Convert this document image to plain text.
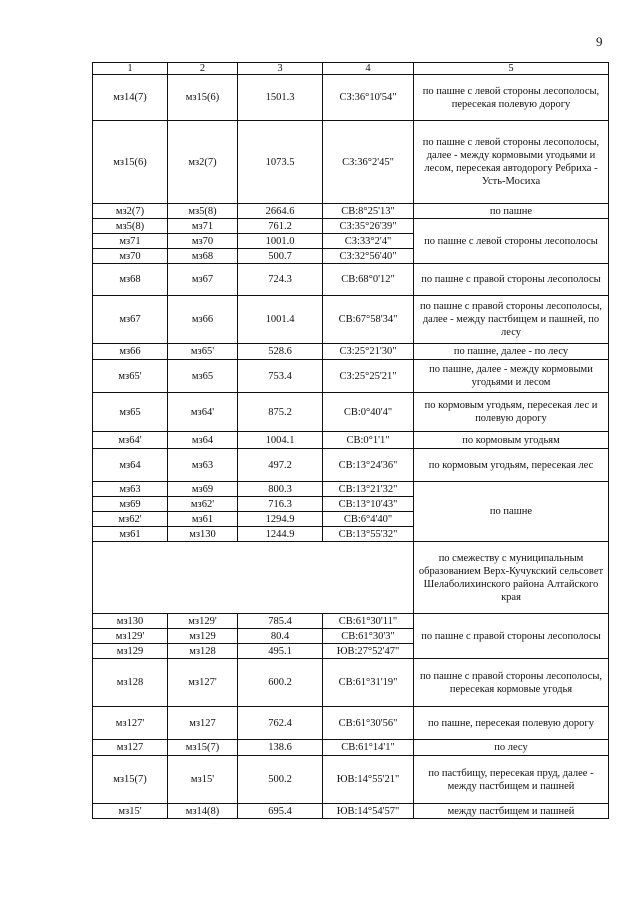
9
1	2	3	4	5
мз14(7)	мз15(6)	1501.3	СЗ:36°10'54"	по пашне с левой стороны лесополосы, пересекая полевую дорогу
мз15(6)	мз2(7)	1073.5	СЗ:36°2'45"	по пашне с левой стороны лесополосы, далее - между кормовыми угодьями и лесом, пересекая автодорогу Ребриха - Усть-Мосиха
мз2(7)	мз5(8)	2664.6	СВ:8°25'13"	по пашне
мз5(8)	мз71	761.2	СЗ:35°26'39"	по пашне с левой стороны лесополосы
мз71	мз70	1001.0	СЗ:33°2'4"	
мз70	мз68	500.7	СЗ:32°56'40"	
мз68	мз67	724.3	СВ:68°0'12"	по пашне с правой стороны лесополосы
мз67	мз66	1001.4	СВ:67°58'34"	по пашне с правой стороны лесополосы, далее - между пастбищем и пашней, по лесу
мз66	мз65'	528.6	СЗ:25°21'30"	по пашне, далее - по лесу
мз65'	мз65	753.4	СЗ:25°25'21"	по пашне, далее - между кормовыми угодьями и лесом
мз65	мз64'	875.2	СВ:0°40'4"	по кормовым угодьям, пересекая лес и полевую дорогу
мз64'	мз64	1004.1	СВ:0°1'1"	по кормовым угодьям
мз64	мз63	497.2	СВ:13°24'36"	по кормовым угодьям, пересекая лес
мз63	мз69	800.3	СВ:13°21'32"	по пашне
мз69	мз62'	716.3	СВ:13°10'43"	
мз62'	мз61	1294.9	СВ:6°4'40"	
мз61	мз130	1244.9	СВ:13°55'32"	
				по смежеству с муниципальным образованием Верх-Кучукский сельсовет Шелаболихинского района Алтайского края
мз130	мз129'	785.4	СВ:61°30'11"	по пашне с правой стороны лесополосы
мз129'	мз129	80.4	СВ:61°30'3"	
мз129	мз128	495.1	ЮВ:27°52'47"	
мз128	мз127'	600.2	СВ:61°31'19"	по пашне с правой стороны лесополосы, пересекая кормовые угодья
мз127'	мз127	762.4	СВ:61°30'56"	по пашне, пересекая полевую дорогу
мз127	мз15(7)	138.6	СВ:61°14'1"	по лесу
мз15(7)	мз15'	500.2	ЮВ:14°55'21"	по пастбищу, пересекая пруд, далее - между пастбищем и пашней
мз15'	мз14(8)	695.4	ЮВ:14°54'57"	между пастбищем и пашней
